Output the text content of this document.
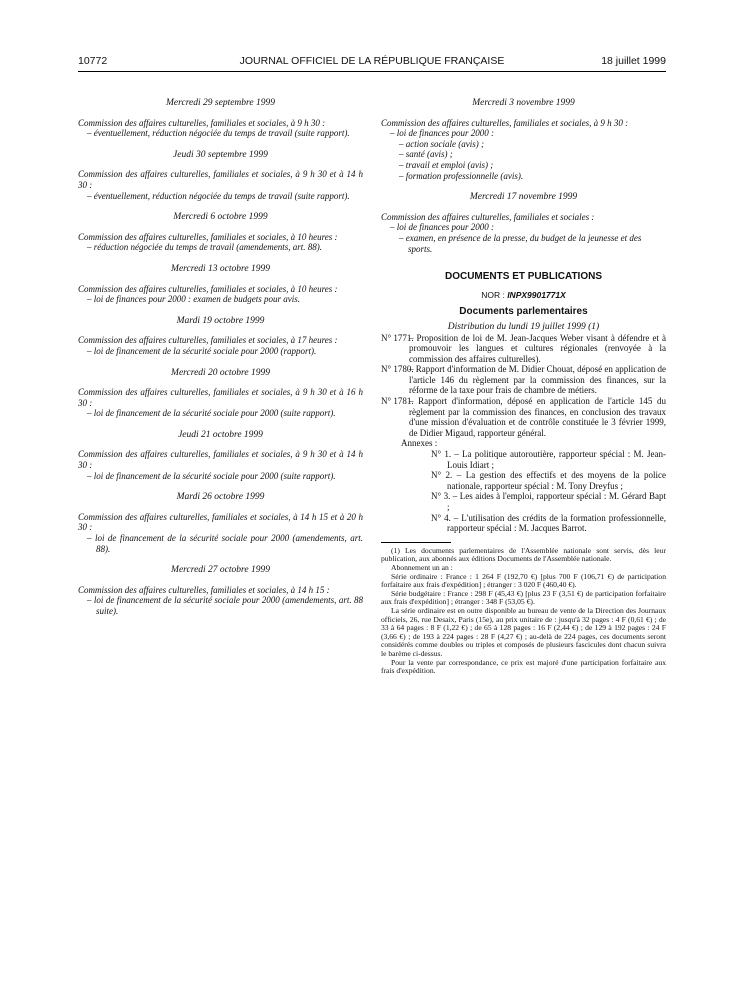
10772	JOURNAL OFFICIEL DE LA RÉPUBLIQUE FRANÇAISE	18 juillet 1999

Mercredi 29 septembre 1999

Commission des affaires culturelles, familiales et sociales, à 9 h 30 :
– éventuellement, réduction négociée du temps de travail (suite rapport).

Jeudi 30 septembre 1999

Commission des affaires culturelles, familiales et sociales, à 9 h 30 et à 14 h 30 :
– éventuellement, réduction négociée du temps de travail (suite rapport).

Mercredi 6 octobre 1999

Commission des affaires culturelles, familiales et sociales, à 10 heures :
– réduction négociée du temps de travail (amendements, art. 88).

Mercredi 13 octobre 1999

Commission des affaires culturelles, familiales et sociales, à 10 heures :
– loi de finances pour 2000 : examen de budgets pour avis.

Mardi 19 octobre 1999

Commission des affaires culturelles, familiales et sociales, à 17 heures :
– loi de financement de la sécurité sociale pour 2000 (rapport).

Mercredi 20 octobre 1999

Commission des affaires culturelles, familiales et sociales, à 9 h 30 et à 16 h 30 :
– loi de financement de la sécurité sociale pour 2000 (suite rapport).

Jeudi 21 octobre 1999

Commission des affaires culturelles, familiales et sociales, à 9 h 30 et à 14 h 30 :
– loi de financement de la sécurité sociale pour 2000 (suite rapport).

Mardi 26 octobre 1999

Commission des affaires culturelles, familiales et sociales, à 14 h 15 et à 20 h 30 :
– loi de financement de la sécurité sociale pour 2000 (amendements, art. 88).

Mercredi 27 octobre 1999

Commission des affaires culturelles, familiales et sociales, à 14 h 15 :
– loi de financement de la sécurité sociale pour 2000 (amendements, art. 88 suite).

Mercredi 3 novembre 1999

Commission des affaires culturelles, familiales et sociales, à 9 h 30 :
– loi de finances pour 2000 :
– action sociale (avis) ;
– santé (avis) ;
– travail et emploi (avis) ;
– formation professionnelle (avis).

Mercredi 17 novembre 1999

Commission des affaires culturelles, familiales et sociales :
– loi de finances pour 2000 :
– examen, en présence de la presse, du budget de la jeunesse et des sports.

DOCUMENTS ET PUBLICATIONS

NOR : INPX9901771X

Documents parlementaires

Distribution du lundi 19 juillet 1999 (1)
N° 1771.
– Proposition de loi de M. Jean-Jacques Weber visant à défendre et à promouvoir les langues et cultures régionales (renvoyée à la commission des affaires culturelles).
N° 1780.
– Rapport d'information de M. Didier Chouat, déposé en application de l'article 146 du règlement par la commission des finances, sur la réforme de la taxe pour frais de chambre de métiers.
N° 1781.
– Rapport d'information, déposé en application de l'article 145 du règlement par la commission des finances, en conclusion des travaux d'une mission d'évaluation et de contrôle constituée le 3 février 1999, de Didier Migaud, rapporteur général.
Annexes :
N° 1. – La politique autoroutière, rapporteur spécial : M. Jean-Louis Idiart ;
N° 2. – La gestion des effectifs et des moyens de la police nationale, rapporteur spécial : M. Tony Dreyfus ;
N° 3. – Les aides à l'emploi, rapporteur spécial : M. Gérard Bapt ;
N° 4. – L'utilisation des crédits de la formation professionnelle, rapporteur spécial : M. Jacques Barrot.

(1) Les documents parlementaires de l'Assemblée nationale sont servis, dès leur publication, aux abonnés aux éditions Documents de l'Assemblée nationale.

Abonnement un an :

Série ordinaire : France : 1 264 F (192,70 €) [plus 700 F (106,71 €) de participation forfaitaire aux frais d'expédition] ; étranger : 3 020 F (460,40 €).

Série budgétaire : France : 298 F (45,43 €) [plus 23 F (3,51 €) de participation forfaitaire aux frais d'expédition] ; étranger : 348 F (53,05 €).

La série ordinaire est en outre disponible au bureau de vente de la Direction des Journaux officiels, 26, rue Desaix, Paris (15e), au prix unitaire de : jusqu'à 32 pages : 4 F (0,61 €) ; de 33 à 64 pages : 8 F (1,22 €) ; de 65 à 128 pages : 16 F (2,44 €) ; de 129 à 192 pages : 24 F (3,66 €) ; de 193 à 224 pages : 28 F (4,27 €) ; au-delà de 224 pages, ces documents seront considérés comme doubles ou triples et composés de plusieurs fascicules dont chacun suivra le barème ci-dessus.

Pour la vente par correspondance, ce prix est majoré d'une participation forfaitaire aux frais d'expédition.
